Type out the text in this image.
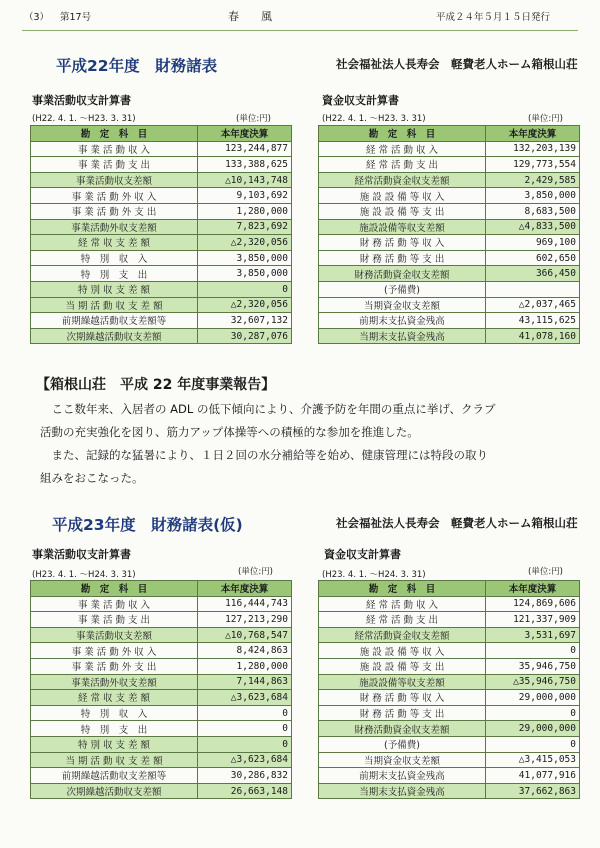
（3） 第17号	春　　風	平成２４年５月１５日発行
平成22年度　財務諸表	社会福祉法人長寿会　軽費老人ホーム箱根山荘
事業活動収支計算書
(H22. 4. 1. ～H23. 3. 31)	(単位:円)
勘　定　科　目	本年度決算
事 業 活 動 収 入	123,244,877
事 業 活 動 支 出	133,388,625
事業活動収支差額	△10,143,748
事 業 活 動 外 収 入	9,103,692
事 業 活 動 外 支 出	1,280,000
事業活動外収支差額	7,823,692
経 常 収 支 差 額	△2,320,056
特　別　収　入	3,850,000
特　別　支　出	3,850,000
特 別 収 支 差 額	0
当 期 活 動 収 支 差 額	△2,320,056
前期繰越活動収支差額等	32,607,132
次期繰越活動収支差額	30,287,076
資金収支計算書
(H22. 4. 1. ～H23. 3. 31)	(単位:円)
勘　定　科　目	本年度決算
経 常 活 動 収 入	132,203,139
経 常 活 動 支 出	129,773,554
経常活動資金収支差額	2,429,585
施 設 設 備 等 収 入	3,850,000
施 設 設 備 等 支 出	8,683,500
施設設備等収支差額	△4,833,500
財 務 活 動 等 収 入	969,100
財 務 活 動 等 支 出	602,650
財務活動資金収支差額	366,450
(予備費)	
当期資金収支差額	△2,037,465
前期末支払資金残高	43,115,625
当期末支払資金残高	41,078,160
【箱根山荘　平成 22 年度事業報告】
　ここ数年来、入居者の ADL の低下傾向により、介護予防を年間の重点に挙げ、クラブ
活動の充実強化を図り、筋力アップ体操等への積極的な参加を推進した。
　また、記録的な猛暑により、１日２回の水分補給等を始め、健康管理には特段の取り
組みをおこなった。
平成23年度　財務諸表(仮)	社会福祉法人長寿会　軽費老人ホーム箱根山荘
事業活動収支計算書
(H23. 4. 1. ～H24. 3. 31)	(単位:円)
勘　定　科　目	本年度決算
事 業 活 動 収 入	116,444,743
事 業 活 動 支 出	127,213,290
事業活動収支差額	△10,768,547
事 業 活 動 外 収 入	8,424,863
事 業 活 動 外 支 出	1,280,000
事業活動外収支差額	7,144,863
経 常 収 支 差 額	△3,623,684
特　別　収　入	0
特　別　支　出	0
特 別 収 支 差 額	0
当 期 活 動 収 支 差 額	△3,623,684
前期繰越活動収支差額等	30,286,832
次期繰越活動収支差額	26,663,148
資金収支計算書
(H23. 4. 1. ～H24. 3. 31)	(単位:円)
勘　定　科　目	本年度決算
経 常 活 動 収 入	124,869,606
経 常 活 動 支 出	121,337,909
経常活動資金収支差額	3,531,697
施 設 設 備 等 収 入	0
施 設 設 備 等 支 出	35,946,750
施設設備等収支差額	△35,946,750
財 務 活 動 等 収 入	29,000,000
財 務 活 動 等 支 出	0
財務活動資金収支差額	29,000,000
(予備費)	0
当期資金収支差額	△3,415,053
前期末支払資金残高	41,077,916
当期末支払資金残高	37,662,863
